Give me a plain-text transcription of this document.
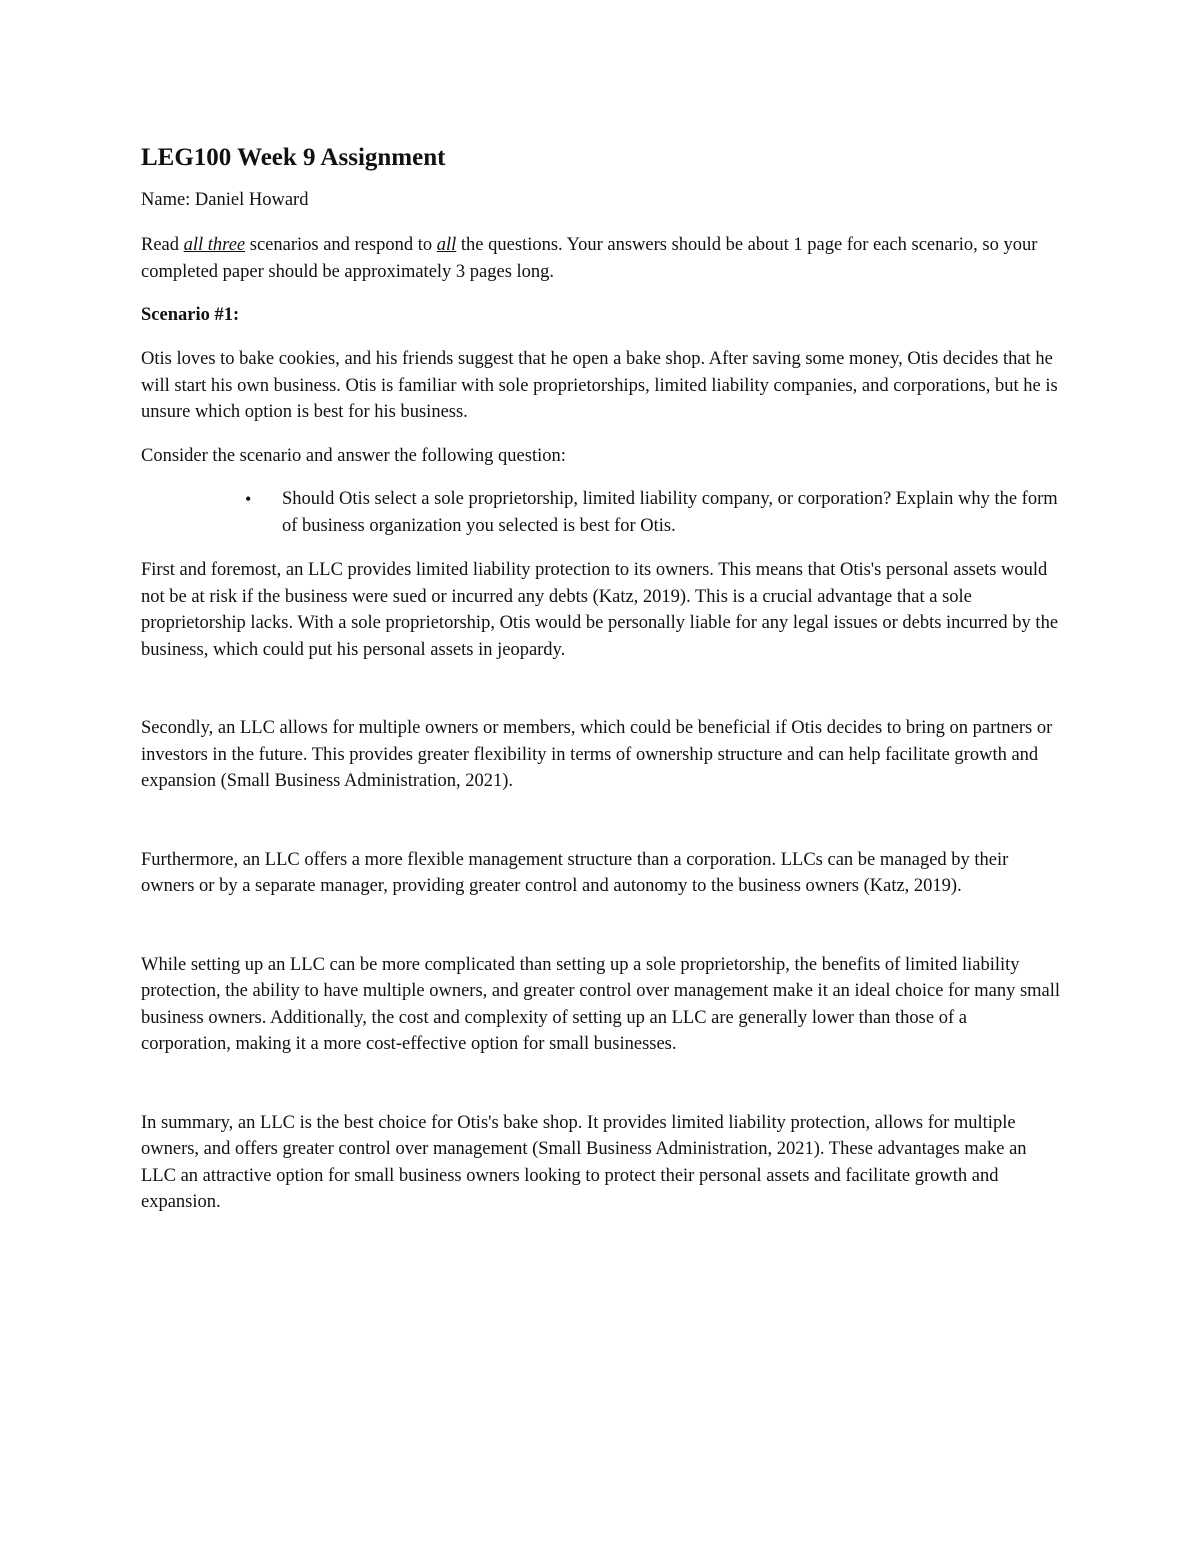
LEG100 Week 9 Assignment
Name: Daniel Howard

Read all three scenarios and respond to all the questions. Your answers should be about 1 page for each scenario, so your completed paper should be approximately 3 pages long.

Scenario #1:

Otis loves to bake cookies, and his friends suggest that he open a bake shop. After saving some money, Otis decides that he will start his own business. Otis is familiar with sole proprietorships, limited liability companies, and corporations, but he is unsure which option is best for his business.

Consider the scenario and answer the following question:

• Should Otis select a sole proprietorship, limited liability company, or corporation? Explain why the form of business organization you selected is best for Otis.

First and foremost, an LLC provides limited liability protection to its owners. This means that Otis's personal assets would not be at risk if the business were sued or incurred any debts (Katz, 2019). This is a crucial advantage that a sole proprietorship lacks. With a sole proprietorship, Otis would be personally liable for any legal issues or debts incurred by the business, which could put his personal assets in jeopardy.

Secondly, an LLC allows for multiple owners or members, which could be beneficial if Otis decides to bring on partners or investors in the future. This provides greater flexibility in terms of ownership structure and can help facilitate growth and expansion (Small Business Administration, 2021).

Furthermore, an LLC offers a more flexible management structure than a corporation. LLCs can be managed by their owners or by a separate manager, providing greater control and autonomy to the business owners (Katz, 2019).

While setting up an LLC can be more complicated than setting up a sole proprietorship, the benefits of limited liability protection, the ability to have multiple owners, and greater control over management make it an ideal choice for many small business owners. Additionally, the cost and complexity of setting up an LLC are generally lower than those of a corporation, making it a more cost-effective option for small businesses.

In summary, an LLC is the best choice for Otis's bake shop. It provides limited liability protection, allows for multiple owners, and offers greater control over management (Small Business Administration, 2021). These advantages make an LLC an attractive option for small business owners looking to protect their personal assets and facilitate growth and expansion.
